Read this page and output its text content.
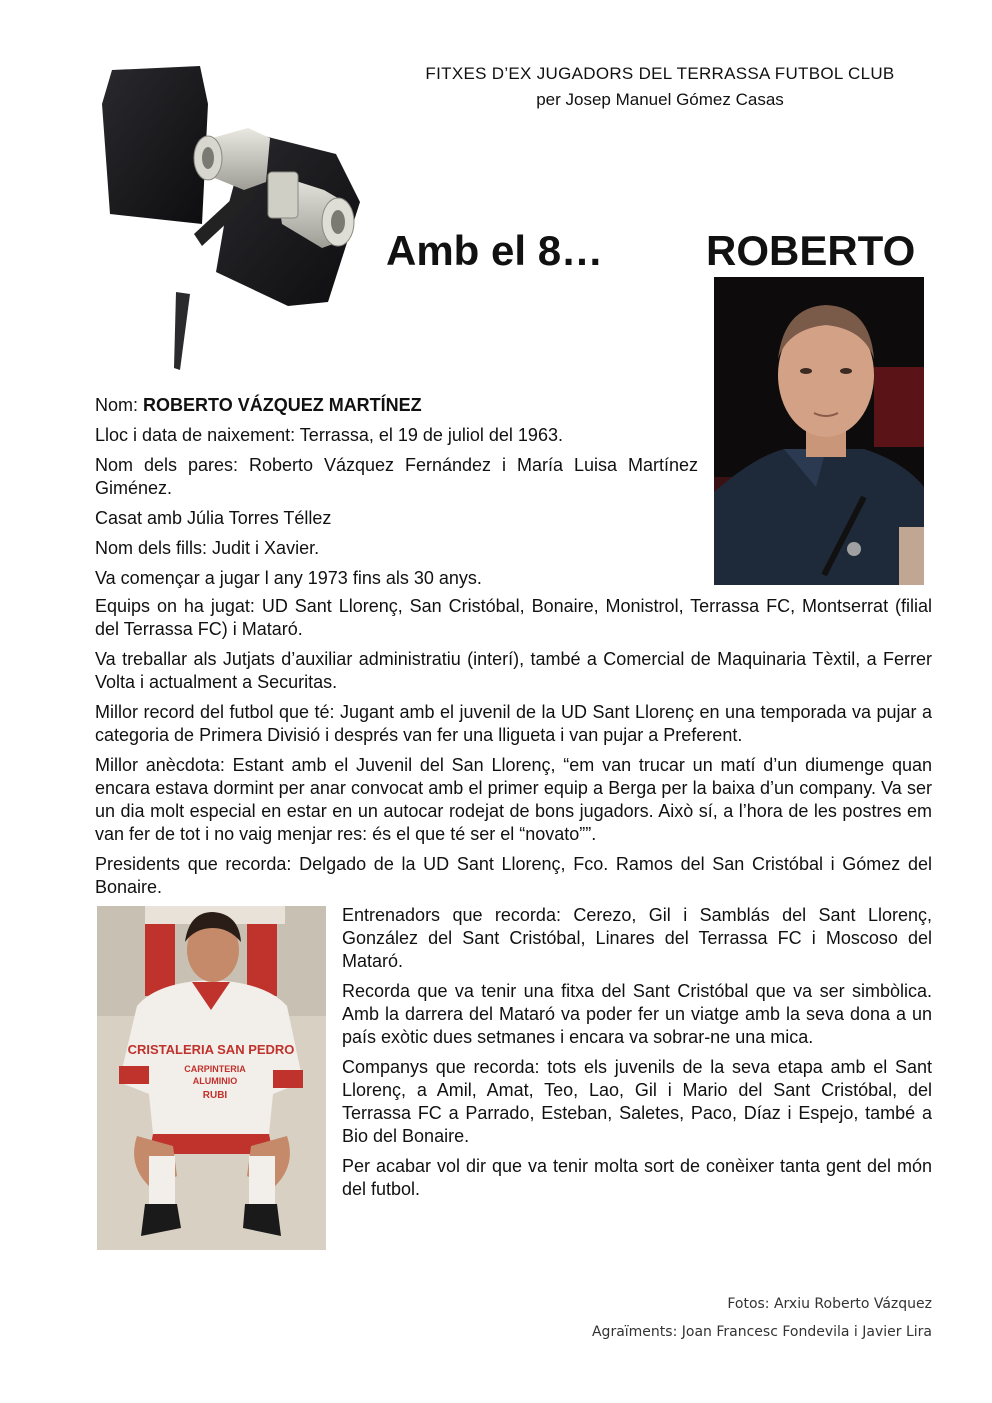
FITXES D’EX JUGADORS DEL TERRASSA FUTBOL CLUB
per Josep Manuel Gómez Casas
Amb el 8… ROBERTO

Nom: ROBERTO VÁZQUEZ MARTÍNEZ

Lloc i data de naixement: Terrassa, el 19 de juliol del 1963.

Nom dels pares: Roberto Vázquez Fernández i María Luisa Martínez Giménez.

Casat amb Júlia Torres Téllez

Nom dels fills: Judit i Xavier.

Va començar a jugar l any 1973 fins als 30 anys.

Equips on ha jugat: UD Sant Llorenç, San Cristóbal, Bonaire, Monistrol, Terrassa FC, Montserrat (filial del Terrassa FC) i Mataró.

Va treballar als Jutjats d’auxiliar administratiu (interí), també a Comercial de Maquinaria Tèxtil, a Ferrer Volta i actualment a Securitas.

Millor record del futbol que té: Jugant amb el juvenil de la UD Sant Llorenç en una temporada va pujar a categoria de Primera Divisió i després van fer una lligueta i van pujar a Preferent.

Millor anècdota: Estant amb el Juvenil del San Llorenç, “em van trucar un matí d’un diumenge quan encara estava dormint per anar convocat amb el primer equip a Berga per la baixa d’un company. Va ser un dia molt especial en estar en un autocar rodejat de bons jugadors. Això sí, a l’hora de les postres em van fer de tot i no vaig menjar res: és el que té ser el “novato””.

Presidents que recorda: Delgado de la UD Sant Llorenç, Fco. Ramos del San Cristóbal i Gómez del Bonaire.

CRISTALERIA SAN PEDRO
CARPINTERIA
ALUMINIO
RUBI

Entrenadors que recorda: Cerezo, Gil i Samblás del Sant Llorenç, González del Sant Cristóbal, Linares del Terrassa FC i Moscoso del Mataró.

Recorda que va tenir una fitxa del Sant Cristóbal que va ser simbòlica. Amb la darrera del Mataró va poder fer un viatge amb la seva dona a un país exòtic dues setmanes i encara va sobrar-ne una mica.

Companys que recorda: tots els juvenils de la seva etapa amb el Sant Llorenç, a Amil, Amat, Teo, Lao, Gil i Mario del Sant Cristóbal, del Terrassa FC a Parrado, Esteban, Saletes, Paco, Díaz i Espejo, també a Bio del Bonaire.

Per acabar vol dir que va tenir molta sort de conèixer tanta gent del món del futbol.

Fotos: Arxiu Roberto Vázquez
Agraïments: Joan Francesc Fondevila i Javier Lira
